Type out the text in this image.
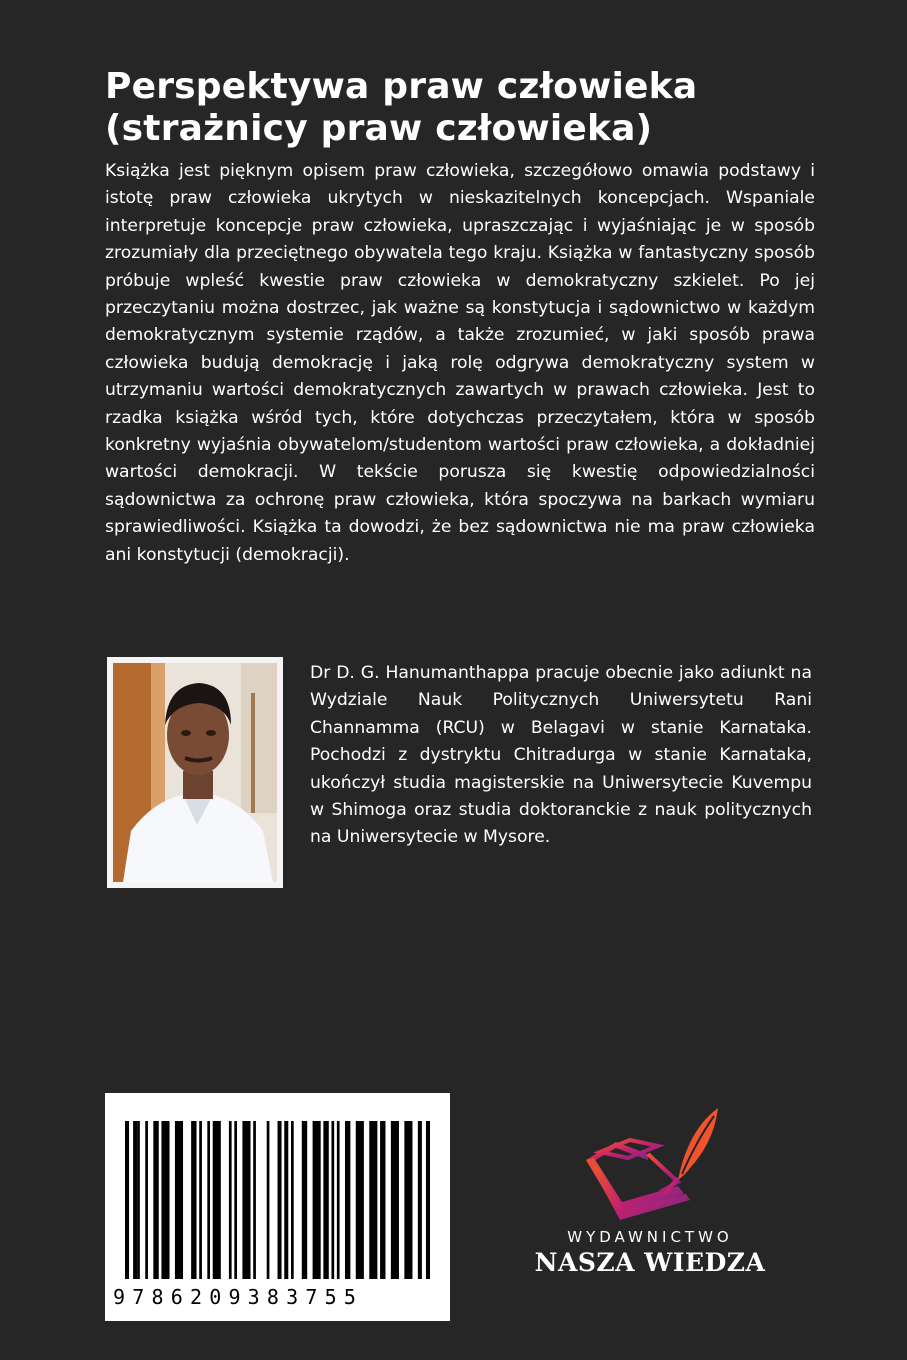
Perspektywa praw człowieka (strażnicy praw człowieka)

Książka jest pięknym opisem praw człowieka, szczegółowo omawia podstawy i istotę praw człowieka ukrytych w nieskazitelnych koncepcjach. Wspaniale interpretuje koncepcje praw człowieka, upraszczając i wyjaśniając je w sposób zrozumiały dla przeciętnego obywatela tego kraju. Książka w fantastyczny sposób próbuje wpleść kwestie praw człowieka w demokratyczny szkielet. Po jej przeczytaniu można dostrzec, jak ważne są konstytucja i sądownictwo w każdym demokratycznym systemie rządów, a także zrozumieć, w jaki sposób prawa człowieka budują demokrację i jaką rolę odgrywa demokratyczny system w utrzymaniu wartości demokratycznych zawartych w prawach człowieka. Jest to rzadka książka wśród tych, które dotychczas przeczytałem, która w sposób konkretny wyjaśnia obywatelom/studentom wartości praw człowieka, a dokładniej wartości demokracji. W tekście porusza się kwestię odpowiedzialności sądownictwa za ochronę praw człowieka, która spoczywa na barkach wymiaru sprawiedliwości. Książka ta dowodzi, że bez sądownictwa nie ma praw człowieka ani konstytucji (demokracji).

Dr D. G. Hanumanthappa pracuje obecnie jako adiunkt na Wydziale Nauk Politycznych Uniwersytetu Rani Channamma (RCU) w Belagavi w stanie Karnataka. Pochodzi z dystryktu Chitradurga w stanie Karnataka, ukończył studia magisterskie na Uniwersytecie Kuvempu w Shimoga oraz studia doktoranckie z nauk politycznych na Uniwersytecie w Mysore.

9786209383755
WYDAWNICTWO
NASZA WIEDZA
